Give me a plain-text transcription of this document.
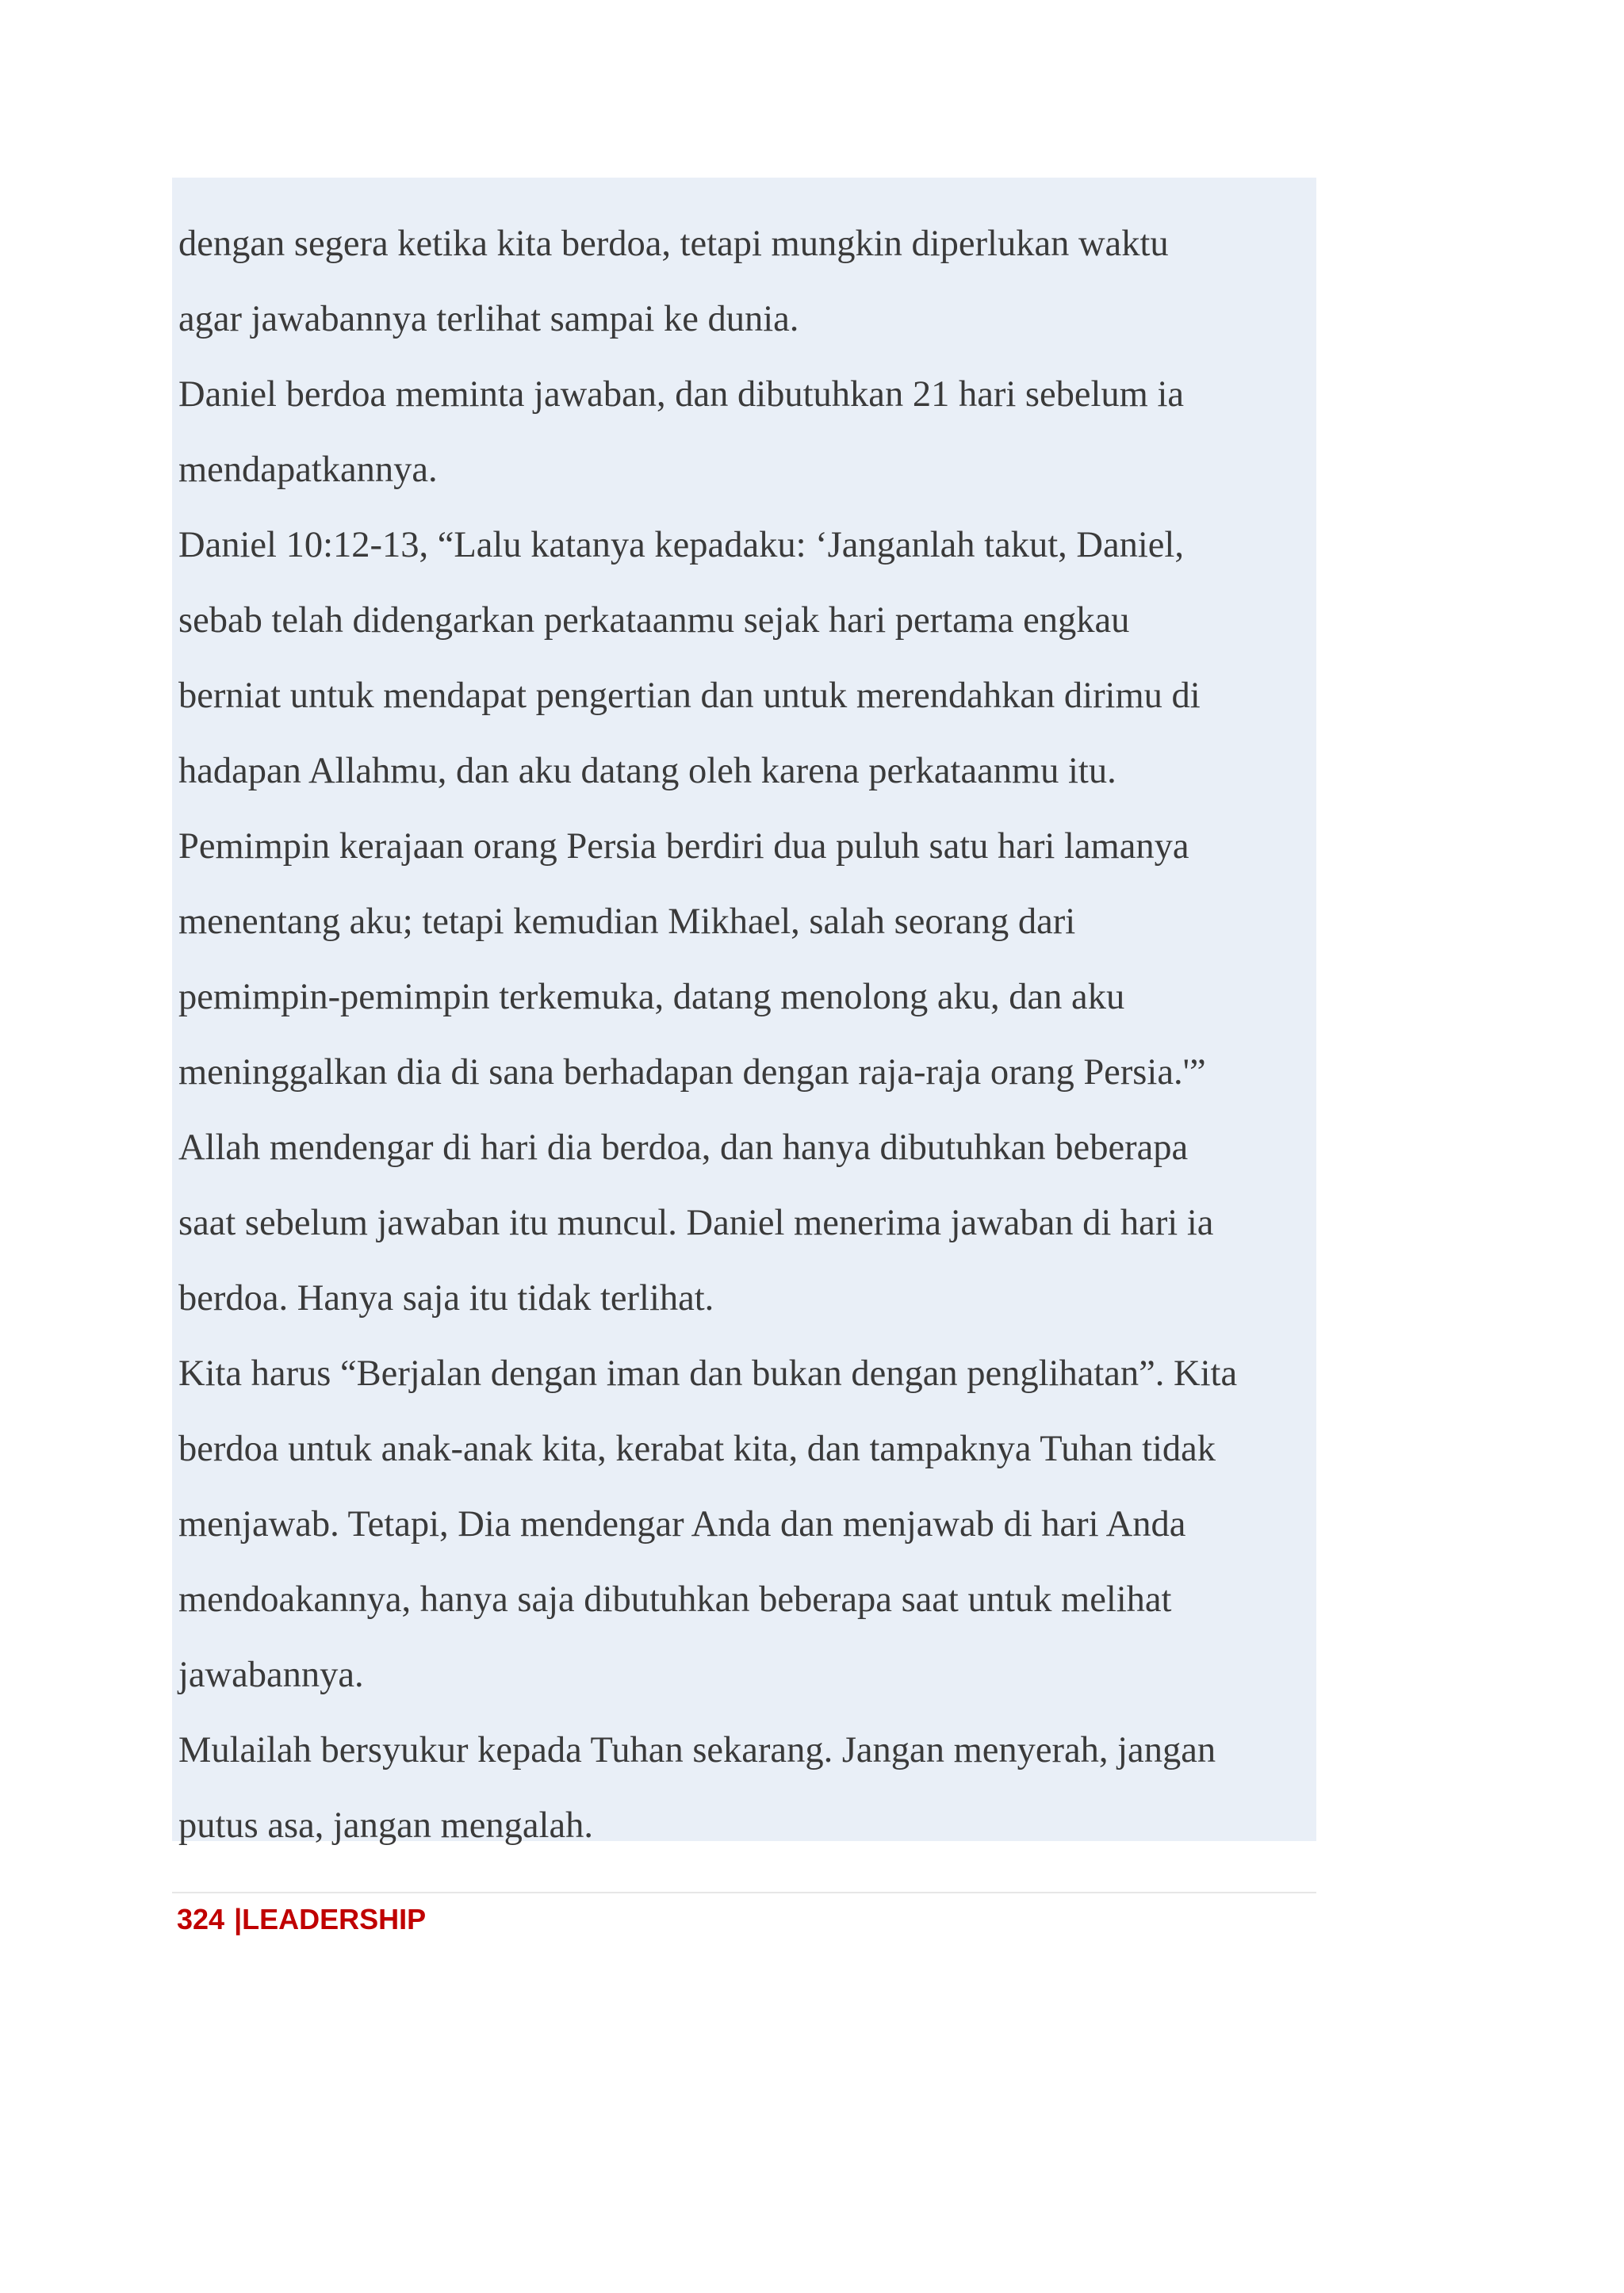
dengan segera ketika kita berdoa, tetapi mungkin diperlukan waktu
agar jawabannya terlihat sampai ke dunia.
Daniel berdoa meminta jawaban, dan dibutuhkan 21 hari sebelum ia
mendapatkannya.
Daniel 10:12-13, “Lalu katanya kepadaku: ‘Janganlah takut, Daniel,
sebab telah didengarkan perkataanmu sejak hari pertama engkau
berniat untuk mendapat pengertian dan untuk merendahkan dirimu di
hadapan Allahmu, dan aku datang oleh karena perkataanmu itu.
Pemimpin kerajaan orang Persia berdiri dua puluh satu hari lamanya
menentang aku; tetapi kemudian Mikhael, salah seorang dari
pemimpin-pemimpin terkemuka, datang menolong aku, dan aku
meninggalkan dia di sana berhadapan dengan raja-raja orang Persia.'”
Allah mendengar di hari dia berdoa, dan hanya dibutuhkan beberapa
saat sebelum jawaban itu muncul. Daniel menerima jawaban di hari ia
berdoa. Hanya saja itu tidak terlihat.
Kita harus “Berjalan dengan iman dan bukan dengan penglihatan”. Kita
berdoa untuk anak-anak kita, kerabat kita, dan tampaknya Tuhan tidak
menjawab. Tetapi, Dia mendengar Anda dan menjawab di hari Anda
mendoakannya, hanya saja dibutuhkan beberapa saat untuk melihat
jawabannya.
Mulailah bersyukur kepada Tuhan sekarang. Jangan menyerah, jangan
putus asa, jangan mengalah.
324 |LEADERSHIP
